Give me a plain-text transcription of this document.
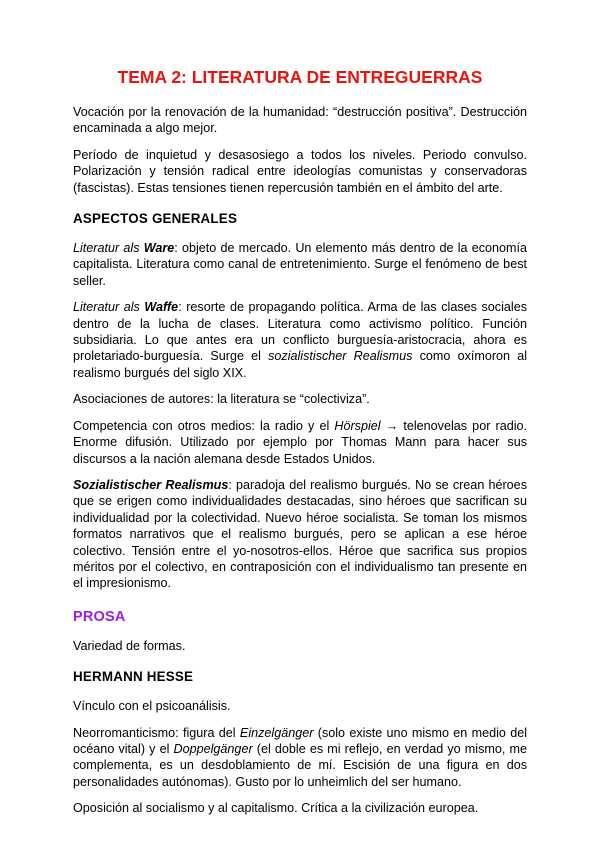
TEMA 2: LITERATURA DE ENTREGUERRAS

Vocación por la renovación de la humanidad: “destrucción positiva”. Destrucción encaminada a algo mejor.

Período de inquietud y desasosiego a todos los niveles. Periodo convulso. Polarización y tensión radical entre ideologías comunistas y conservadoras (fascistas). Estas tensiones tienen repercusión también en el ámbito del arte.

ASPECTOS GENERALES

Literatur als Ware: objeto de mercado. Un elemento más dentro de la economía capitalista. Literatura como canal de entretenimiento. Surge el fenómeno de best seller.

Literatur als Waffe: resorte de propagando política. Arma de las clases sociales dentro de la lucha de clases. Literatura como activismo político. Función subsidiaria. Lo que antes era un conflicto burguesía-aristocracia, ahora es proletariado-burguesía. Surge el sozialistischer Realismus como oxímoron al realismo burgués del siglo XIX.

Asociaciones de autores: la literatura se “colectiviza”.

Competencia con otros medios: la radio y el Hörspiel → telenovelas por radio. Enorme difusión. Utilizado por ejemplo por Thomas Mann para hacer sus discursos a la nación alemana desde Estados Unidos.

Sozialistischer Realismus: paradoja del realismo burgués. No se crean héroes que se erigen como individualidades destacadas, sino héroes que sacrifican su individualidad por la colectividad. Nuevo héroe socialista. Se toman los mismos formatos narrativos que el realismo burgués, pero se aplican a ese héroe colectivo. Tensión entre el yo-nosotros-ellos. Héroe que sacrifica sus propios méritos por el colectivo, en contraposición con el individualismo tan presente en el impresionismo.

PROSA

Variedad de formas.

HERMANN HESSE

Vínculo con el psicoanálisis.

Neorromanticismo: figura del Einzelgänger (solo existe uno mismo en medio del océano vital) y el Doppelgänger (el doble es mi reflejo, en verdad yo mismo, me complementa, es un desdoblamiento de mí. Escisión de una figura en dos personalidades autónomas). Gusto por lo unheimlich del ser humano.

Oposición al socialismo y al capitalismo. Crítica a la civilización europea.
